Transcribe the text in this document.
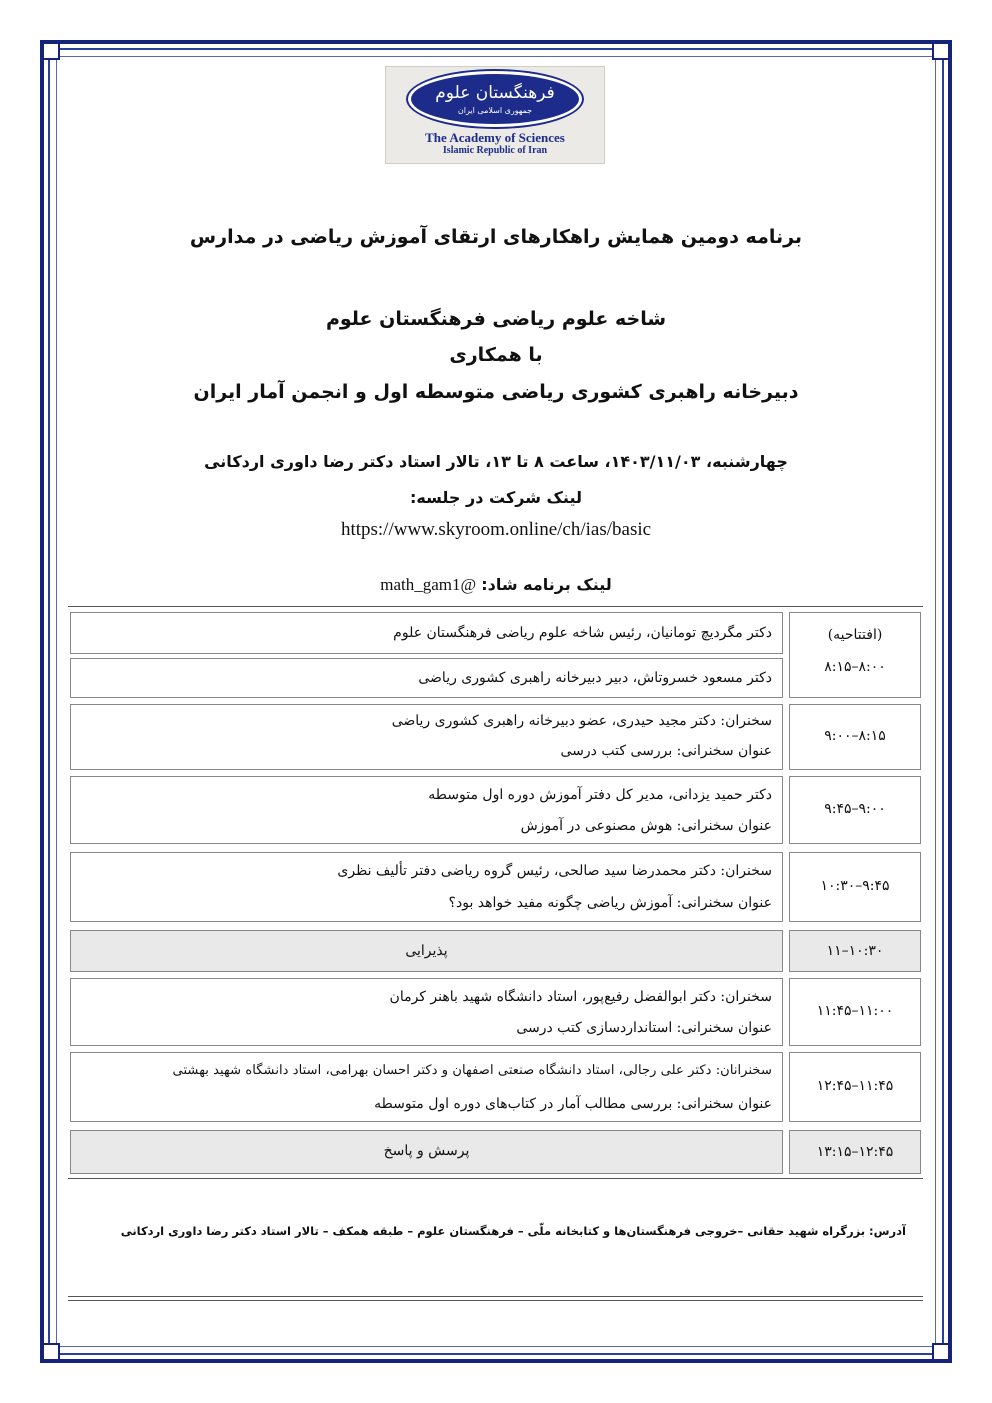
فرهنگستان علوم
جمهوری اسلامی ایران
The Academy of Sciences
Islamic Republic of Iran
برنامه دومین همایش راهکارهای ارتقای آموزش ریاضی در مدارس
شاخه علوم ریاضی فرهنگستان علوم
با همکاری
دبیرخانه راهبری کشوری ریاضی متوسطه اول و انجمن آمار ایران
چهارشنبه، ۱۴۰۳/۱۱/۰۳، ساعت ۸ تا ۱۳، تالار استاد دکتر رضا داوری اردکانی
لینک شرکت در جلسه:
https://www.skyroom.online/ch/ias/basic
لینک برنامه شاد: @math_gam1
دکتر مگردیچ تومانیان، رئیس شاخه علوم ریاضی فرهنگستان علوم
دکتر مسعود خسروتاش، دبیر دبیرخانه راهبری کشوری ریاضی
(افتتاحیه)
۸:۰۰–۸:۱۵
سخنران: دکتر مجید حیدری، عضو دبیرخانه راهبری کشوری ریاضی
عنوان سخنرانی: بررسی کتب درسی
۸:۱۵–۹:۰۰
دکتر حمید یزدانی، مدیر کل دفتر آموزش دوره اول متوسطه
عنوان سخنرانی: هوش مصنوعی در آموزش
۹:۰۰–۹:۴۵
سخنران: دکتر محمدرضا سید صالحی، رئیس گروه ریاضی دفتر تألیف نظری
عنوان سخنرانی: آموزش ریاضی چگونه مفید خواهد بود؟
۹:۴۵–۱۰:۳۰
پذیرایی	۱۰:۳۰–۱۱
سخنران: دکتر ابوالفضل رفیع‌پور، استاد دانشگاه شهید باهنر کرمان
عنوان سخنرانی: استانداردسازی کتب درسی
۱۱:۰۰–۱۱:۴۵
سخنرانان: دکتر علی رجالی، استاد دانشگاه صنعتی اصفهان و دکتر احسان بهرامی، استاد دانشگاه شهید بهشتی
عنوان سخنرانی: بررسی مطالب آمار در کتاب‌های دوره اول متوسطه
۱۱:۴۵–۱۲:۴۵
پرسش و پاسخ	۱۲:۴۵–۱۳:۱۵
آدرس: بزرگراه شهید حقانی –خروجی فرهنگستان‌ها و کتابخانه ملّی – فرهنگستان علوم – طبقه همکف – تالار استاد دکتر رضا داوری اردکانی
